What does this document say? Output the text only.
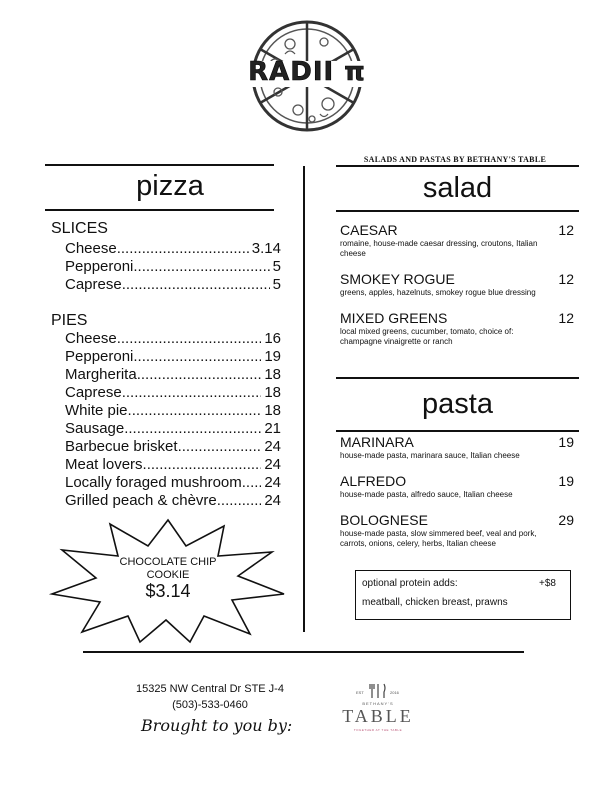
RADII π
SALADS AND PASTAS BY BETHANY'S TABLE
pizza	salad
pasta
SLICES
Cheese .....	3.14
Pepperoni .....	5
Caprese .....	5
PIES
Cheese .....	16
Pepperoni .....	19
Margherita .....	18
Caprese .....	18
White pie .....	18
Sausage .....	21
Barbecue brisket .....	24
Meat lovers .....	24
Locally foraged mushroom ..... 24
Grilled peach & chèvre .....	24
CHOCOLATE CHIP
COOKIE
$3.14
CAESAR	12
romaine, house-made caesar dressing, croutons, Italian cheese
SMOKEY ROGUE	12
greens, apples, hazelnuts, smokey rogue blue dressing
MIXED GREENS	12
local mixed greens, cucumber, tomato, choice of: champagne vinaigrette or ranch
MARINARA	19
house-made pasta, marinara sauce, Italian cheese
ALFREDO	19
house-made pasta, alfredo sauce, Italian cheese
BOLOGNESE	29
house-made pasta, slow simmered beef, veal and pork, carrots, onions, celery, herbs, Italian cheese
optional protein adds:	+$8
meatball, chicken breast, prawns
15325 NW Central Dr STE J-4
(503)-533-0460
Brought to you by:
EST	2016
BETHANY'S
TABLE
TOGETHER AT THE TABLE
